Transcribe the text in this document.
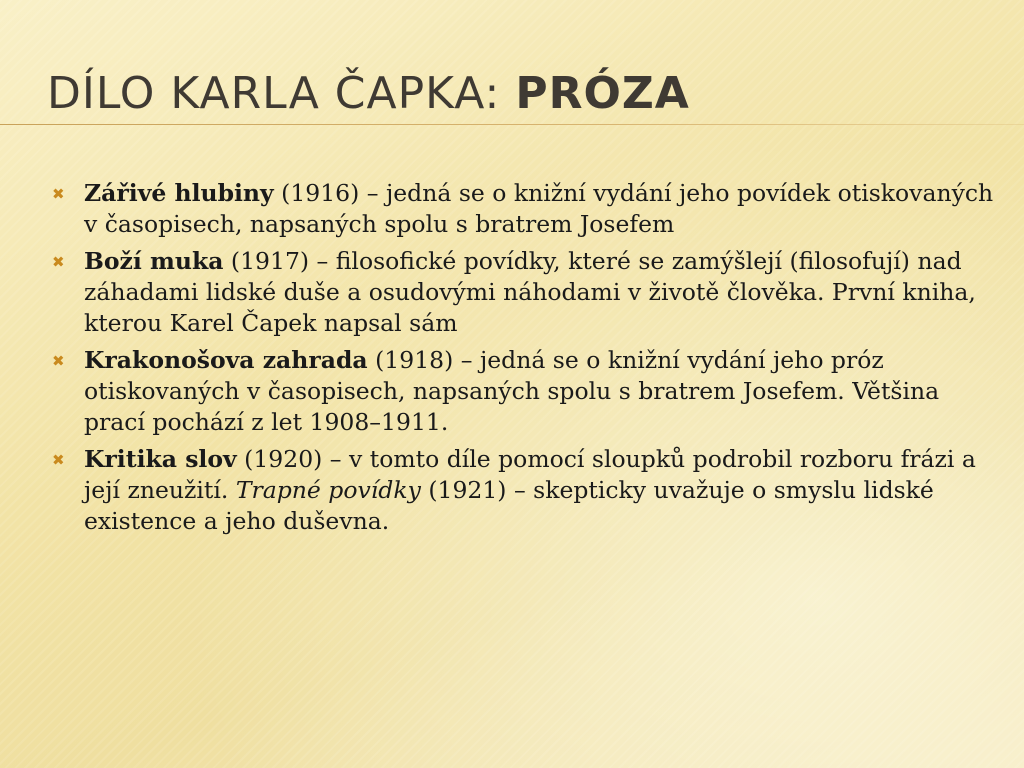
DÍLO KARLA ČAPKA: PRÓZA
✖ Zářivé hlubiny (1916) – jedná se o knižní vydání jeho povídek otiskovaných v časopisech, napsaných spolu s bratrem Josefem
✖ Boží muka (1917) – filosofické povídky, které se zamýšlejí (filosofují) nad záhadami lidské duše a osudovými náhodami v životě člověka. První kniha, kterou Karel Čapek napsal sám
✖ Krakonošova zahrada (1918) – jedná se o knižní vydání jeho próz otiskovaných v časopisech, napsaných spolu s bratrem Josefem. Většina prací pochází z let 1908–1911.
✖ Kritika slov (1920) – v tomto díle pomocí sloupků podrobil rozboru frázi a její zneužití. Trapné povídky (1921) – skepticky uvažuje o smyslu lidské existence a jeho duševna.
